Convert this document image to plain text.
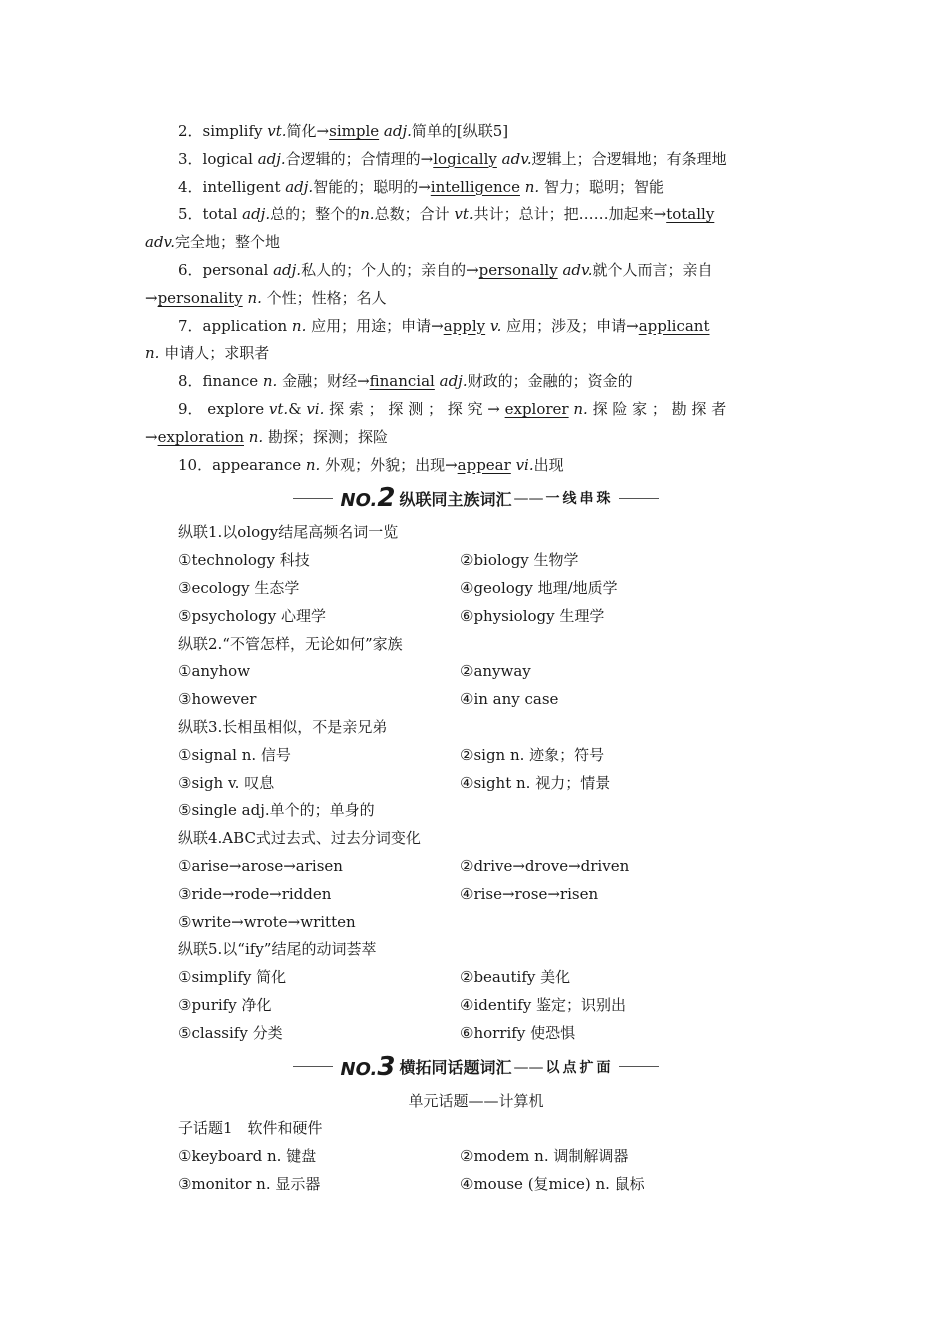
2．simplify vt.简化→simple adj.简单的[纵联5]
3．logical adj.合逻辑的；合情理的→logically adv.逻辑上；合逻辑地；有条理地
4．intelligent adj.智能的；聪明的→intelligence n. 智力；聪明；智能
5．total adj.总的；整个的n.总数；合计 vt.共计；总计；把……加起来→totally
adv.完全地；整个地
6．personal adj.私人的；个人的；亲自的→personally adv.就个人而言；亲自
→personality n. 个性；性格；名人
7．application n. 应用；用途；申请→apply v. 应用；涉及；申请→applicant
n. 申请人；求职者
8．finance n. 金融；财经→financial adj.财政的；金融的；资金的
9． explore vt.& vi. 探 索 ； 探 测 ； 探 究 → explorer n. 探 险 家 ； 勘 探 者
→exploration n. 勘探；探测；探险
10．appearance n. 外观；外貌；出现→appear vi.出现
NO.2 纵联同主族词汇 —— 一线串珠
纵联1.以ology结尾高频名词一览
①technology 科技	②biology 生物学
③ecology 生态学	④geology 地理/地质学
⑤psychology 心理学	⑥physiology 生理学
纵联2.“不管怎样，无论如何”家族
①anyhow	②anyway
③however	④in any case
纵联3.长相虽相似，不是亲兄弟
①signal n. 信号	②sign n. 迹象；符号
③sigh v. 叹息	④sight n. 视力；情景
⑤single adj.单个的；单身的
纵联4.ABC式过去式、过去分词变化
①arise→arose→arisen	②drive→drove→driven
③ride→rode→ridden	④rise→rose→risen
⑤write→wrote→written
纵联5.以“ify”结尾的动词荟萃
①simplify 简化	②beautify 美化
③purify 净化	④identify 鉴定；识别出
⑤classify 分类	⑥horrify 使恐惧
NO.3 横拓同话题词汇 —— 以点扩面
单元话题——计算机
子话题1　软件和硬件
①keyboard n. 键盘	②modem n. 调制解调器
③monitor n. 显示器	④mouse (复mice) n. 鼠标
